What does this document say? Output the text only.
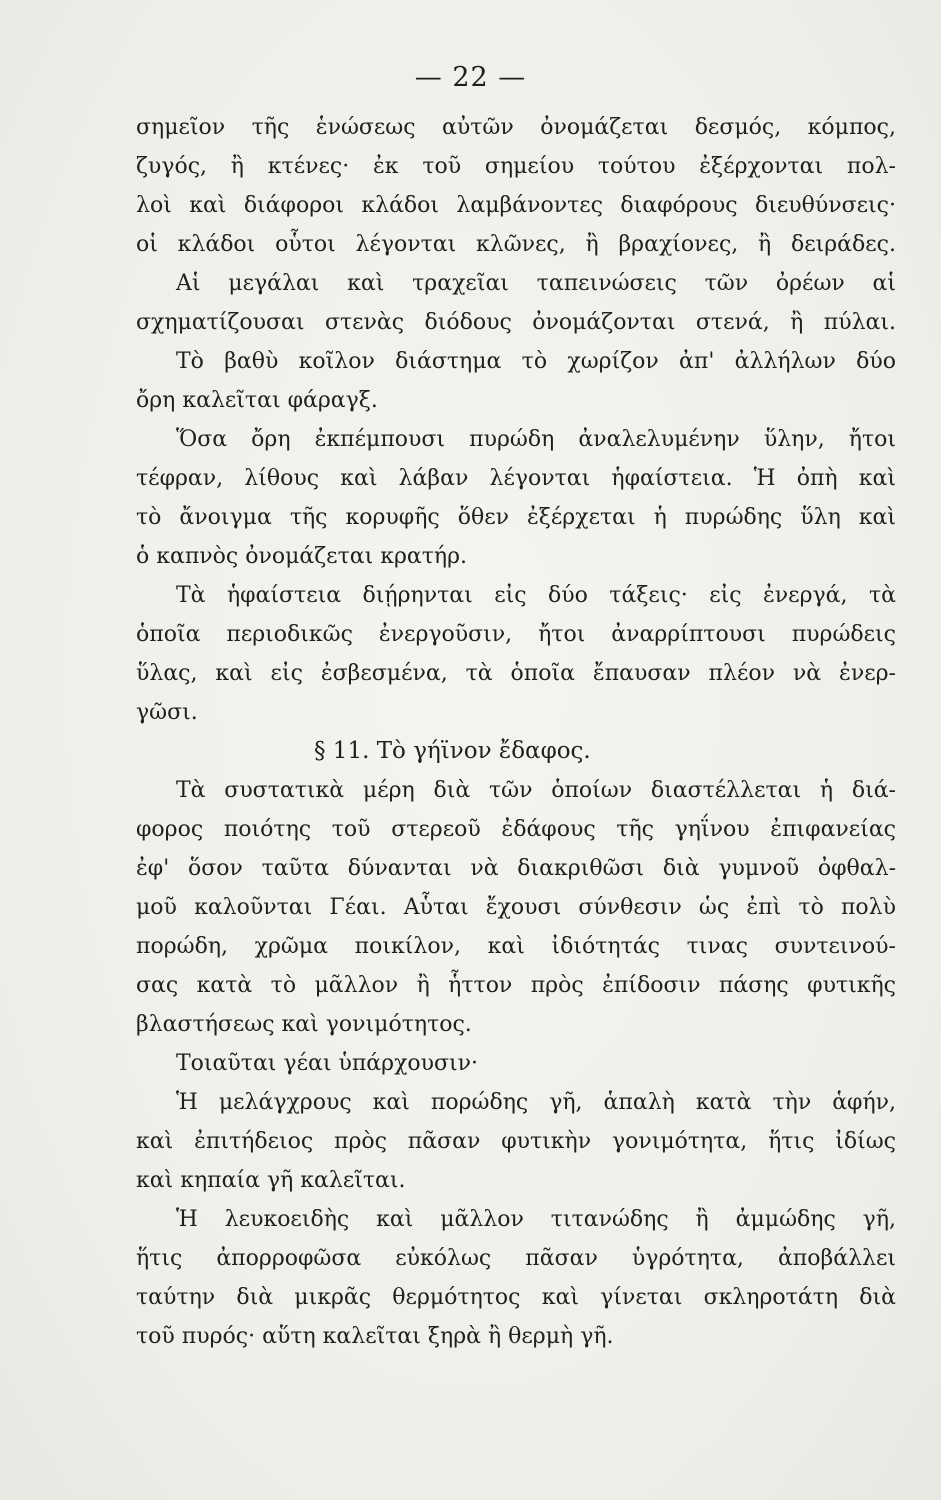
— 22 —
σημεῖον τῆς ἑνώσεως αὐτῶν ὀνομάζεται δεσμός, κόμπος,
ζυγός, ἢ κτένες· ἐκ τοῦ σημείου τούτου ἐξέρχονται πολ-
λοὶ καὶ διάφοροι κλάδοι λαμβάνοντες διαφόρους διευθύνσεις·
οἱ κλάδοι οὗτοι λέγονται κλῶνες, ἢ βραχίονες, ἢ δειράδες.
Αἱ μεγάλαι καὶ τραχεῖαι ταπεινώσεις τῶν ὀρέων αἱ
σχηματίζουσαι στενὰς διόδους ὀνομάζονται στενά, ἢ πύλαι.
Τὸ βαθὺ κοῖλον διάστημα τὸ χωρίζον ἀπ' ἀλλήλων δύο
ὄρη καλεῖται φάραγξ.
Ὅσα ὄρη ἐκπέμπουσι πυρώδη ἀναλελυμένην ὕλην, ἤτοι
τέφραν, λίθους καὶ λάβαν λέγονται ἡφαίστεια. Ἡ ὀπὴ καὶ
τὸ ἄνοιγμα τῆς κορυφῆς ὅθεν ἐξέρχεται ἡ πυρώδης ὕλη καὶ
ὁ καπνὸς ὀνομάζεται κρατήρ.
Τὰ ἡφαίστεια διῄρηνται εἰς δύο τάξεις· εἰς ἐνεργά, τὰ
ὁποῖα περιοδικῶς ἐνεργοῦσιν, ἤτοι ἀναρρίπτουσι πυρώδεις
ὕλας, καὶ εἰς ἐσβεσμένα, τὰ ὁποῖα ἔπαυσαν πλέον νὰ ἐνερ-
γῶσι.
§ 11. Τὸ γήϊνον ἔδαφος.
Τὰ συστατικὰ μέρη διὰ τῶν ὁποίων διαστέλλεται ἡ διά-
φορος ποιότης τοῦ στερεοῦ ἐδάφους τῆς γηΐνου ἐπιφανείας
ἐφ' ὅσον ταῦτα δύνανται νὰ διακριθῶσι διὰ γυμνοῦ ὀφθαλ-
μοῦ καλοῦνται Γέαι. Αὗται ἔχουσι σύνθεσιν ὡς ἐπὶ τὸ πολὺ
πορώδη, χρῶμα ποικίλον, καὶ ἰδιότητάς τινας συντεινού-
σας κατὰ τὸ μᾶλλον ἢ ἧττον πρὸς ἐπίδοσιν πάσης φυτικῆς
βλαστήσεως καὶ γονιμότητος.
Τοιαῦται γέαι ὑπάρχουσιν·
Ἡ μελάγχρους καὶ πορώδης γῆ, ἁπαλὴ κατὰ τὴν ἁφήν,
καὶ ἐπιτήδειος πρὸς πᾶσαν φυτικὴν γονιμότητα, ἥτις ἰδίως
καὶ κηπαία γῆ καλεῖται.
Ἡ λευκοειδὴς καὶ μᾶλλον τιτανώδης ἢ ἀμμώδης γῆ,
ἥτις ἀπορροφῶσα εὐκόλως πᾶσαν ὑγρότητα, ἀποβάλλει
ταύτην διὰ μικρᾶς θερμότητος καὶ γίνεται σκληροτάτη διὰ
τοῦ πυρός· αὕτη καλεῖται ξηρὰ ἢ θερμὴ γῆ.
